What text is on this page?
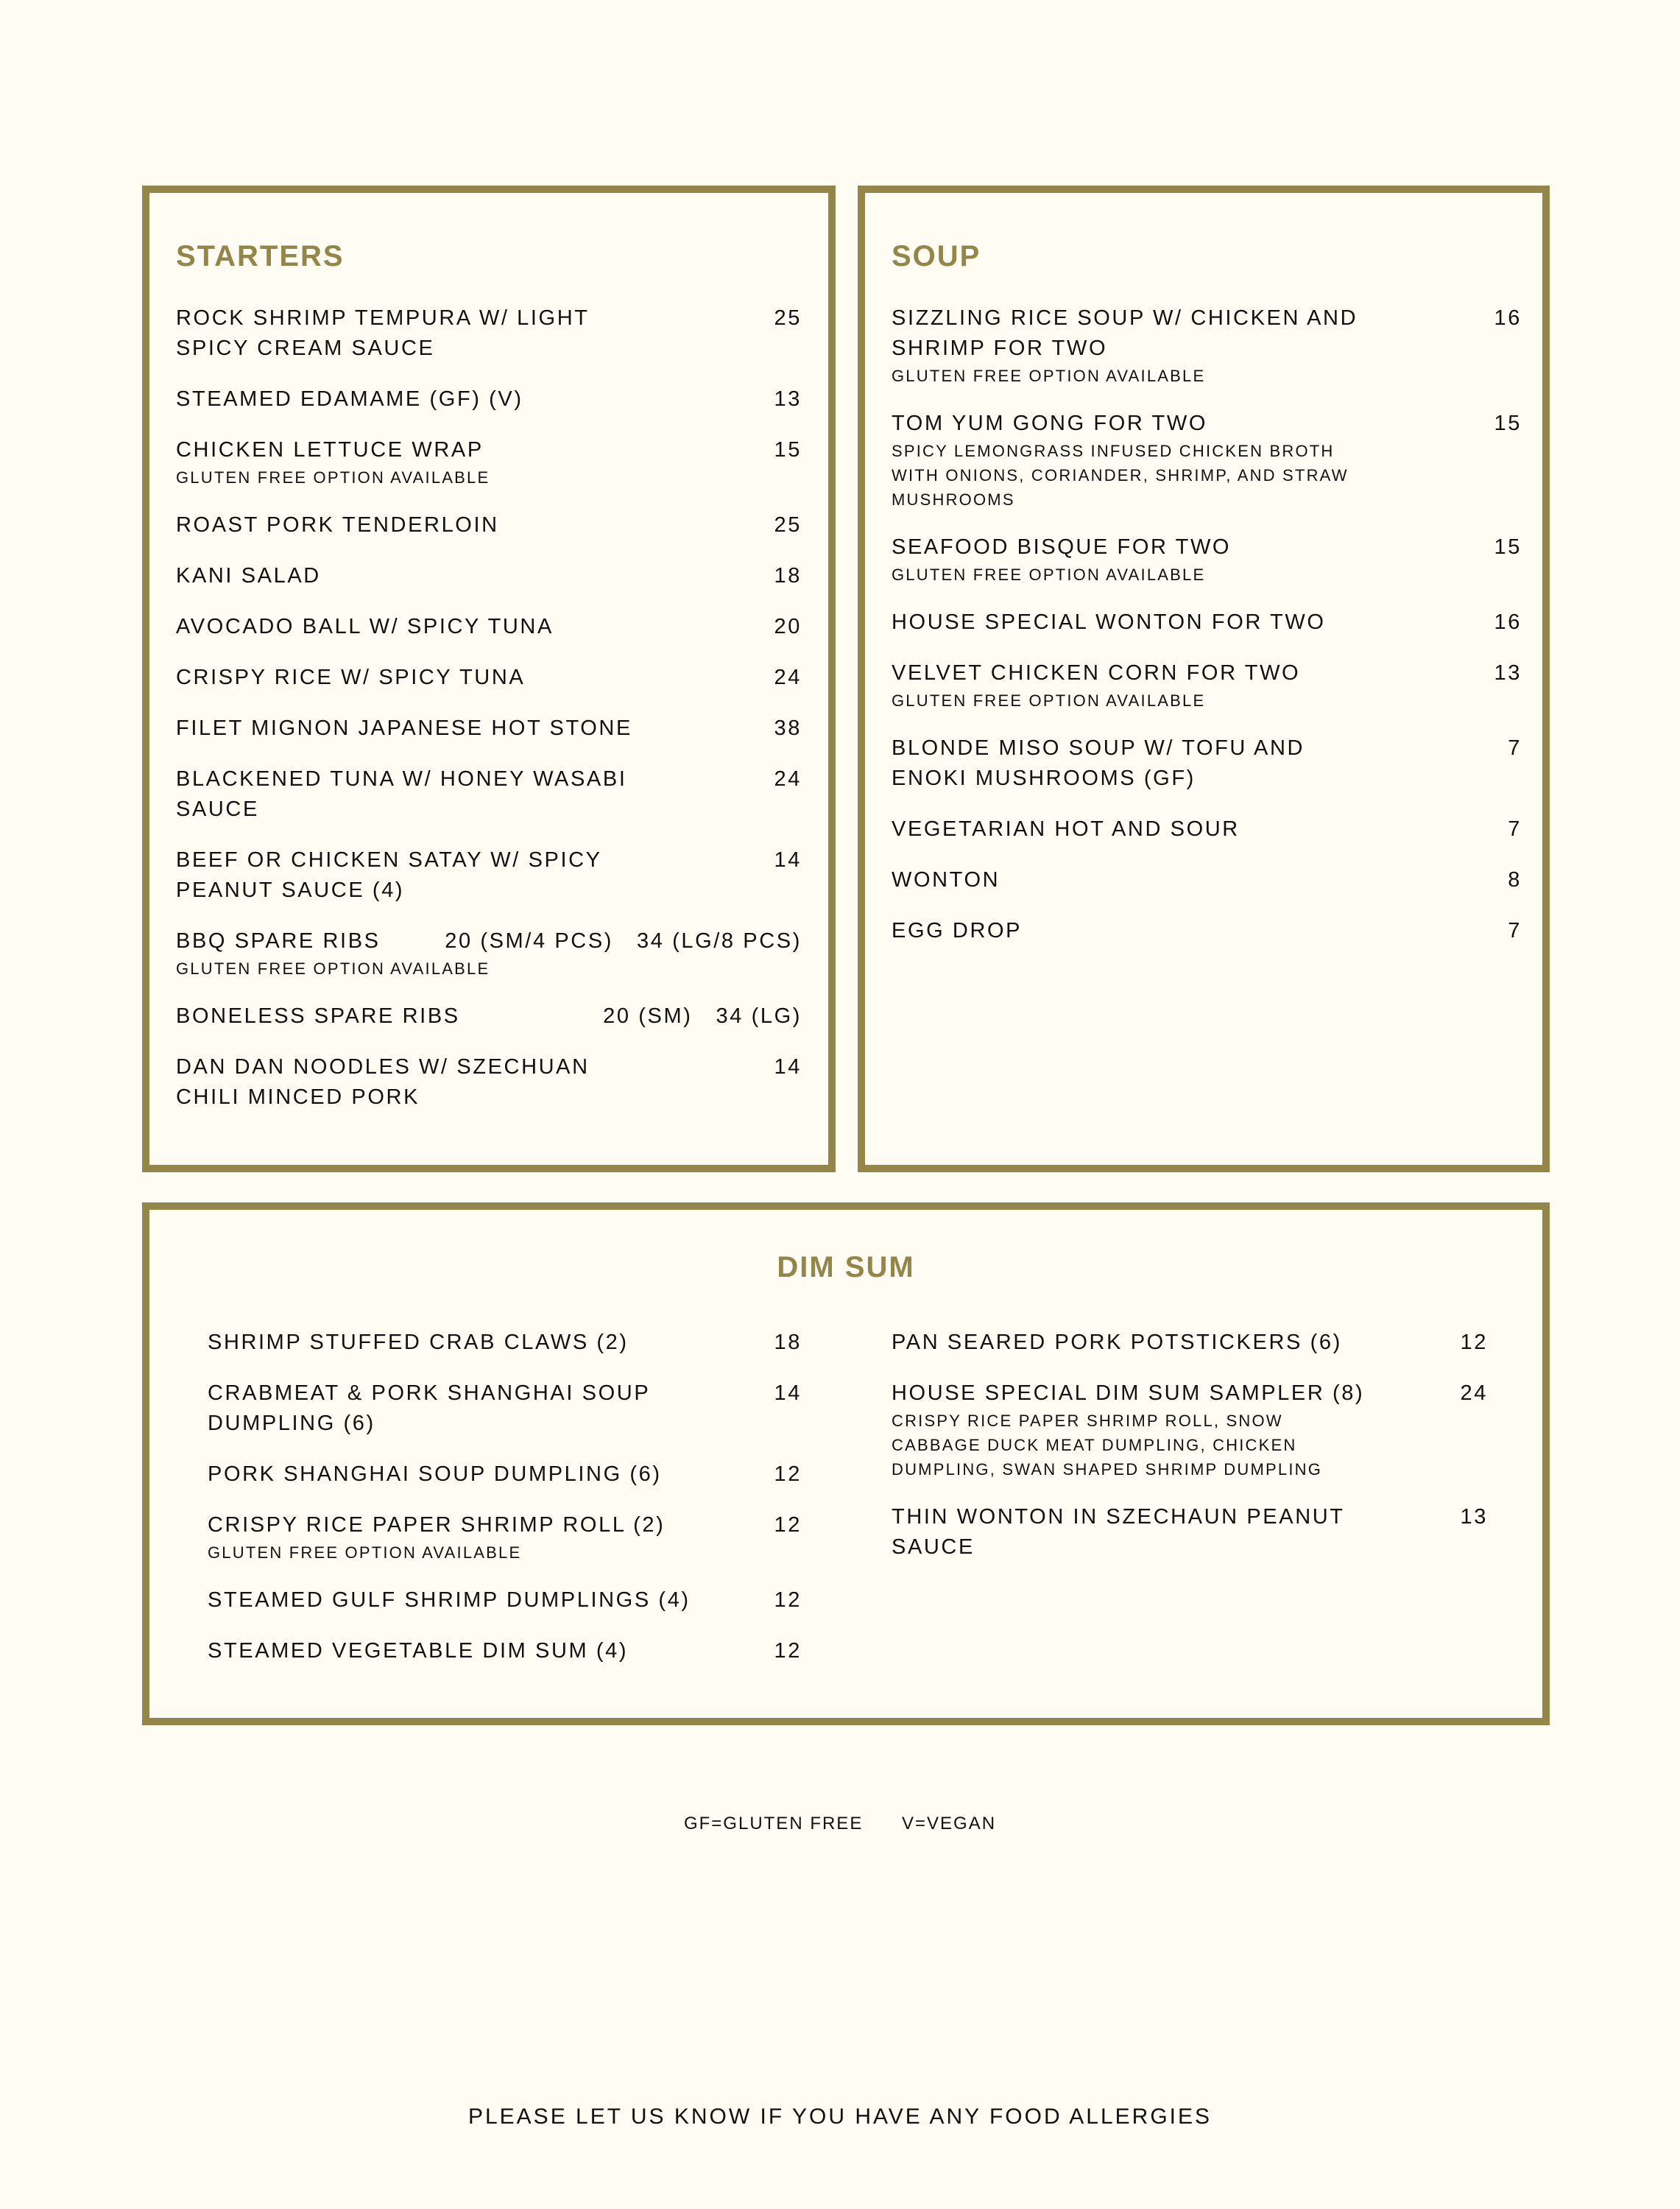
STARTERS
ROCK SHRIMP TEMPURA W/ LIGHT SPICY CREAM SAUCE
25
STEAMED EDAMAME (GF) (V)	13
CHICKEN LETTUCE WRAP	15
GLUTEN FREE OPTION AVAILABLE
ROAST PORK TENDERLOIN	25
KANI SALAD	18
AVOCADO BALL W/ SPICY TUNA	20
CRISPY RICE W/ SPICY TUNA	24
FILET MIGNON JAPANESE HOT STONE	38
BLACKENED TUNA W/ HONEY WASABI SAUCE
24
BEEF OR CHICKEN SATAY W/ SPICY PEANUT SAUCE (4)
14
BBQ SPARE RIBS	20 (SM/4 PCS)   34 (LG/8 PCS)
GLUTEN FREE OPTION AVAILABLE
BONELESS SPARE RIBS	20 (SM)   34 (LG)
DAN DAN NOODLES W/ SZECHUAN CHILI MINCED PORK
14
SOUP
SIZZLING RICE SOUP W/ CHICKEN AND SHRIMP FOR TWO
16
GLUTEN FREE OPTION AVAILABLE
TOM YUM GONG FOR TWO	15
SPICY LEMONGRASS INFUSED CHICKEN BROTH WITH ONIONS, CORIANDER, SHRIMP, AND STRAW MUSHROOMS
SEAFOOD BISQUE FOR TWO	15
GLUTEN FREE OPTION AVAILABLE
HOUSE SPECIAL WONTON FOR TWO	16
VELVET CHICKEN CORN FOR TWO	13
GLUTEN FREE OPTION AVAILABLE
BLONDE MISO SOUP W/ TOFU AND ENOKI MUSHROOMS (GF)
7
VEGETARIAN HOT AND SOUR	7
WONTON	8
EGG DROP	7
DIM SUM
SHRIMP STUFFED CRAB CLAWS (2)	18
CRABMEAT & PORK SHANGHAI SOUP DUMPLING (6)
14
PORK SHANGHAI SOUP DUMPLING (6)	12
CRISPY RICE PAPER SHRIMP ROLL (2)	12
GLUTEN FREE OPTION AVAILABLE
STEAMED GULF SHRIMP DUMPLINGS (4)	12
STEAMED VEGETABLE DIM SUM (4)	12
PAN SEARED PORK POTSTICKERS (6)	12
HOUSE SPECIAL DIM SUM SAMPLER (8)	24
CRISPY RICE PAPER SHRIMP ROLL, SNOW CABBAGE DUCK MEAT DUMPLING, CHICKEN DUMPLING, SWAN SHAPED SHRIMP DUMPLING
THIN WONTON IN SZECHAUN PEANUT SAUCE
13
GF=GLUTEN FREE V=VEGAN
PLEASE LET US KNOW IF YOU HAVE ANY FOOD ALLERGIES
